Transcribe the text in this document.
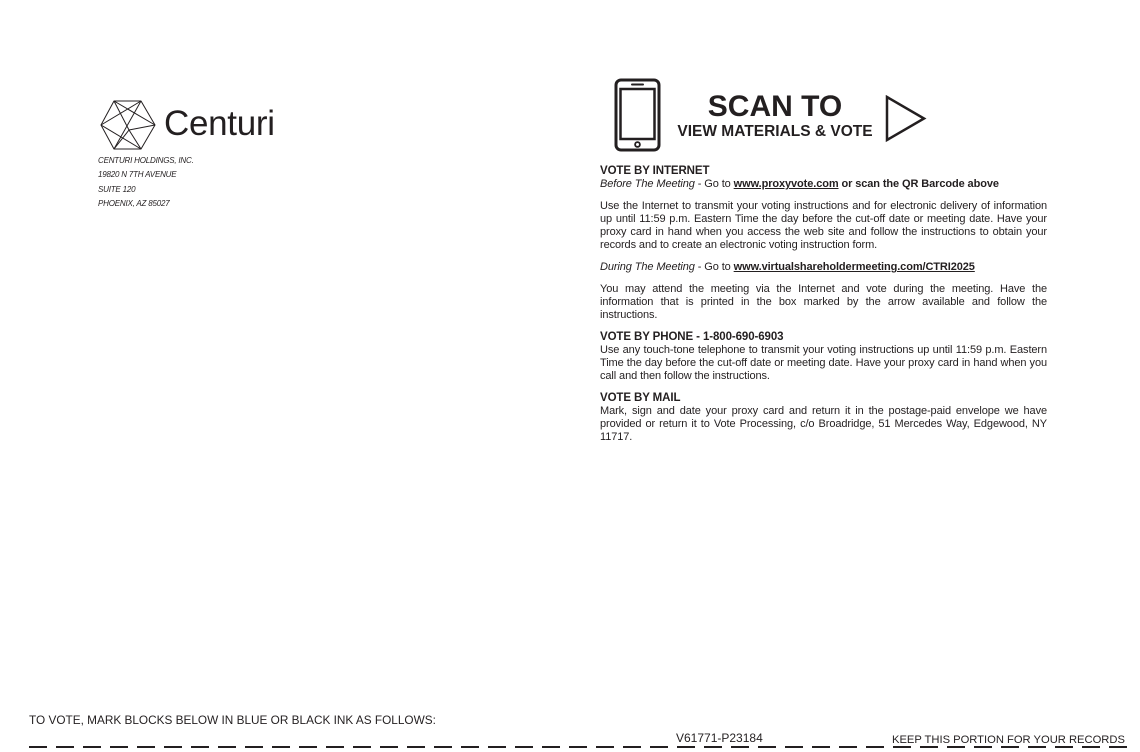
Centuri
CENTURI HOLDINGS, INC.
19820 N 7TH AVENUE
SUITE 120
PHOENIX, AZ 85027
SCAN TO
VIEW MATERIALS & VOTE
VOTE BY INTERNET
Before The Meeting - Go to www.proxyvote.com or scan the QR Barcode above

Use the Internet to transmit your voting instructions and for electronic delivery of information up until 11:59 p.m. Eastern Time the day before the cut-off date or meeting date. Have your proxy card in hand when you access the web site and follow the instructions to obtain your records and to create an electronic voting instruction form.

During The Meeting - Go to www.virtualshareholdermeeting.com/CTRI2025

You may attend the meeting via the Internet and vote during the meeting. Have the information that is printed in the box marked by the arrow available and follow the instructions.

VOTE BY PHONE - 1-800-690-6903

Use any touch-tone telephone to transmit your voting instructions up until 11:59 p.m. Eastern Time the day before the cut-off date or meeting date. Have your proxy card in hand when you call and then follow the instructions.

VOTE BY MAIL

Mark, sign and date your proxy card and return it in the postage-paid envelope we have provided or return it to Vote Processing, c/o Broadridge, 51 Mercedes Way, Edgewood, NY 11717.

TO VOTE, MARK BLOCKS BELOW IN BLUE OR BLACK INK AS FOLLOWS:
V61771-P23184	KEEP THIS PORTION FOR YOUR RECORDS
